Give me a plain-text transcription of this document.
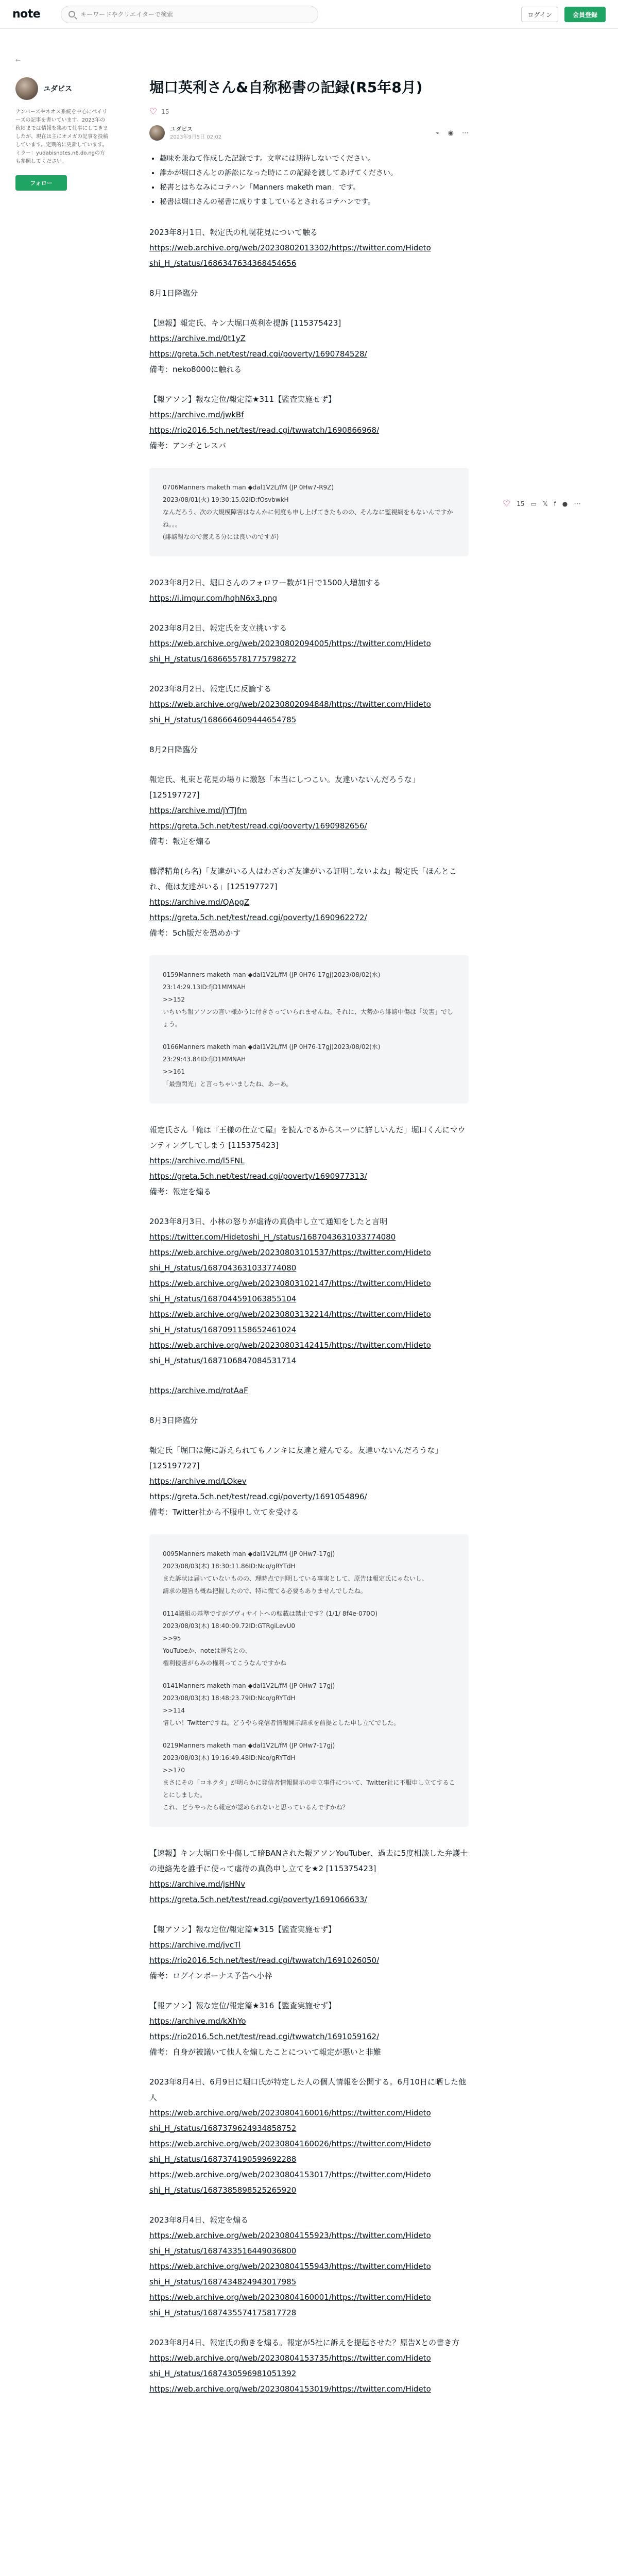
note
キーワードやクリエイターで検索	ログイン	会員登録
←
ユダビス
ナンバーズやネオス系統を中心にベイリーズの記事を書いています。2023年の秋頃までは情報を集めて仕事にしてきましたが、現在は主にオメガの記事を投稿しています。定期的に更新しています。ミラー：yudabisnotes.n6.do.ngの方も参照してください。
フォロー
♡ 15 ▭ 𝕏 f ● ⋯
堀口英利さん&自称秘書の記録(R5年8月)
♡ 15
ユダビス
2023年9月5日 02:02
⌁ ◉ ⋯
• 趣味を兼ねて作成した記録です。文章には期待しないでください。
• 誰かが堀口さんとの訴訟になった時にこの記録を渡してあげてください。
• 秘書とはちなみにコテハン「Manners maketh man」です。
• 秘書は堀口さんの秘書に成りすましているとされるコテハンです。

2023年8月1日、報定氏の札幌花見について触る

https://web.archive.org/web/20230802013302/https://twitter.com/Hideto
shi_H_/status/1686347634368454656

8月1日降臨分

【速報】報定氏、キン大堀口英利を提訴 [115375423]

https://archive.md/0t1yZ
https://greta.5ch.net/test/read.cgi/poverty/1690784528/

備考：neko8000に触れる

【報アソン】報な定位/報定篇★311【監査実施せず】

https://archive.md/jwkBf
https://rio2016.5ch.net/test/read.cgi/twwatch/1690866968/

備考：アンチとレスバ

0706Manners maketh man ◆dal1V2L/fM (JP 0Hw7-R9Z)
2023/08/01(火) 19:30:15.02ID:fOsvbwkH
なんだろう、次の大規模障害はなんかに何度も申し上げてきたものの、そんなに監視網をもないんですかね。。。
(誹謗報なので渡える分には良いのですが)

2023年8月2日、堀口さんのフォロワー数が1日で1500人増加する

https://i.imgur.com/hqhN6x3.png

2023年8月2日、報定氏を支立挑いする

https://web.archive.org/web/20230802094005/https://twitter.com/Hideto
shi_H_/status/1686655781775798272

2023年8月2日、報定氏に反論する

https://web.archive.org/web/20230802094848/https://twitter.com/Hideto
shi_H_/status/1686664609444654785

8月2日降臨分

報定氏、札束と花見の場りに激怒「本当にしつこい。友達いないんだろうな」[125197727]

https://archive.md/jYTJfm
https://greta.5ch.net/test/read.cgi/poverty/1690982656/

備考：報定を煽る

藤澤精角(ら名)「友達がいる人はわざわざ友達がいる証明しないよね」報定氏「ほんとこれ、俺は友達がいる」[125197727]

https://archive.md/QApgZ
https://greta.5ch.net/test/read.cgi/poverty/1690962272/

備考：5ch版だを恐めかす

0159Manners maketh man ◆dal1V2L/fM (JP 0H76-17gj)2023/08/02(水)
23:14:29.13ID:fjD1MMNAH
>>152
いちいち報アソンの言い様かうに付きさっていられませんね。それに、大勢から誹謗中傷は「災害」でしょう。
0166Manners maketh man ◆dal1V2L/fM (JP 0H76-17gj)2023/08/02(水)
23:29:43.84ID:fjD1MMNAH
>>161
「最強閃光」と言っちゃいましたね、あーあ。

報定氏さん「俺は『王様の仕立て屋』を読んでるからスーツに詳しいんだ」堀口くんにマウンティングしてしまう [115375423]

https://archive.md/l5FNL
https://greta.5ch.net/test/read.cgi/poverty/1690977313/

備考：報定を煽る

2023年8月3日、小林の怒りが虐待の真偽申し立て通知をしたと言明

https://twitter.com/Hidetoshi_H_/status/1687043631033774080
https://web.archive.org/web/20230803101537/https://twitter.com/Hideto
shi_H_/status/1687043631033774080
https://web.archive.org/web/20230803102147/https://twitter.com/Hideto
shi_H_/status/1687044591063855104
https://web.archive.org/web/20230803132214/https://twitter.com/Hideto
shi_H_/status/1687091158652461024
https://web.archive.org/web/20230803142415/https://twitter.com/Hideto
shi_H_/status/1687106847084531714
https://archive.md/rotAaF

8月3日降臨分

報定氏「堀口は俺に訴えられてもノンキに友達と遊んでる。友達いないんだろうな」[125197727]

https://archive.md/LOkev
https://greta.5ch.net/test/read.cgi/poverty/1691054896/

備考：Twitter社から不服申し立てを受ける

0095Manners maketh man ◆dal1V2L/fM (JP 0Hw7-17gj)
2023/08/03(木) 18:30:11.86ID:Nco/gRYTdH
また訴状は届いていないものの、理時点で判明している事実として、原告は報定氏にゃないし、
請求の趣旨も概ね把握したので、特に慌てる必要もありませんでしたね。
0114議組の基準ですがブヴィサイトへの転載は禁止です？(1/1/ 8f4e-070O)
2023/08/03(木) 18:40:09.72ID:GTRgiLevU0
>>95
YouTubeか、noteは運営との、
権利侵害がらみの権利ってこうなんですかね
0141Manners maketh man ◆dal1V2L/fM (JP 0Hw7-17gj)
2023/08/03(木) 18:48:23.79ID:Nco/gRYTdH
>>114
惜しい！Twitterですね。どうやら発信者情報開示請求を前提とした申し立てでした。
0219Manners maketh man ◆dal1V2L/fM (JP 0Hw7-17gj)
2023/08/03(木) 19:16:49.48ID:Nco/gRYTdH
>>170
まさにその「コネクタ」が明らかに発信者情報開示の申立事件について、Twitter社に不服申し立てすることにしました。
これ、どうやったら報定が認められないと思っているんですかね？

【速報】キン大堀口を中傷して暗BANされた報アソンYouTuber、過去に5度相談した弁護士の連絡先を誰手に使って虐待の真偽申し立てを★2 [115375423]

https://archive.md/jsHNv
https://greta.5ch.net/test/read.cgi/poverty/1691066633/

【報アソン】報な定位/報定篇★315【監査実施せず】

https://archive.md/jvcTl
https://rio2016.5ch.net/test/read.cgi/twwatch/1691026050/

備考：ログインボーナス予告へ小枠

【報アソン】報な定位/報定篇★316【監査実施せず】

https://archive.md/kXhYo
https://rio2016.5ch.net/test/read.cgi/twwatch/1691059162/

備考：自身が被議いて他人を煽したことについて報定が悪いと非難

2023年8月4日、6月9日に堀口氏が特定した人の個人情報を公開する。6月10日に晒した他人

https://web.archive.org/web/20230804160016/https://twitter.com/Hideto
shi_H_/status/1687379624934858752
https://web.archive.org/web/20230804160026/https://twitter.com/Hideto
shi_H_/status/1687374190599692288
https://web.archive.org/web/20230804153017/https://twitter.com/Hideto
shi_H_/status/1687385898525265920

2023年8月4日、報定を煽る

https://web.archive.org/web/20230804155923/https://twitter.com/Hideto
shi_H_/status/1687433516449036800
https://web.archive.org/web/20230804155943/https://twitter.com/Hideto
shi_H_/status/1687434824943017985
https://web.archive.org/web/20230804160001/https://twitter.com/Hideto
shi_H_/status/1687435574175817728

2023年8月4日、報定氏の動きを煽る。報定が5社に訴えを提起させた？原告Xとの書き方

https://web.archive.org/web/20230804153735/https://twitter.com/Hideto
shi_H_/status/1687430596981051392
https://web.archive.org/web/20230804153019/https://twitter.com/Hideto
